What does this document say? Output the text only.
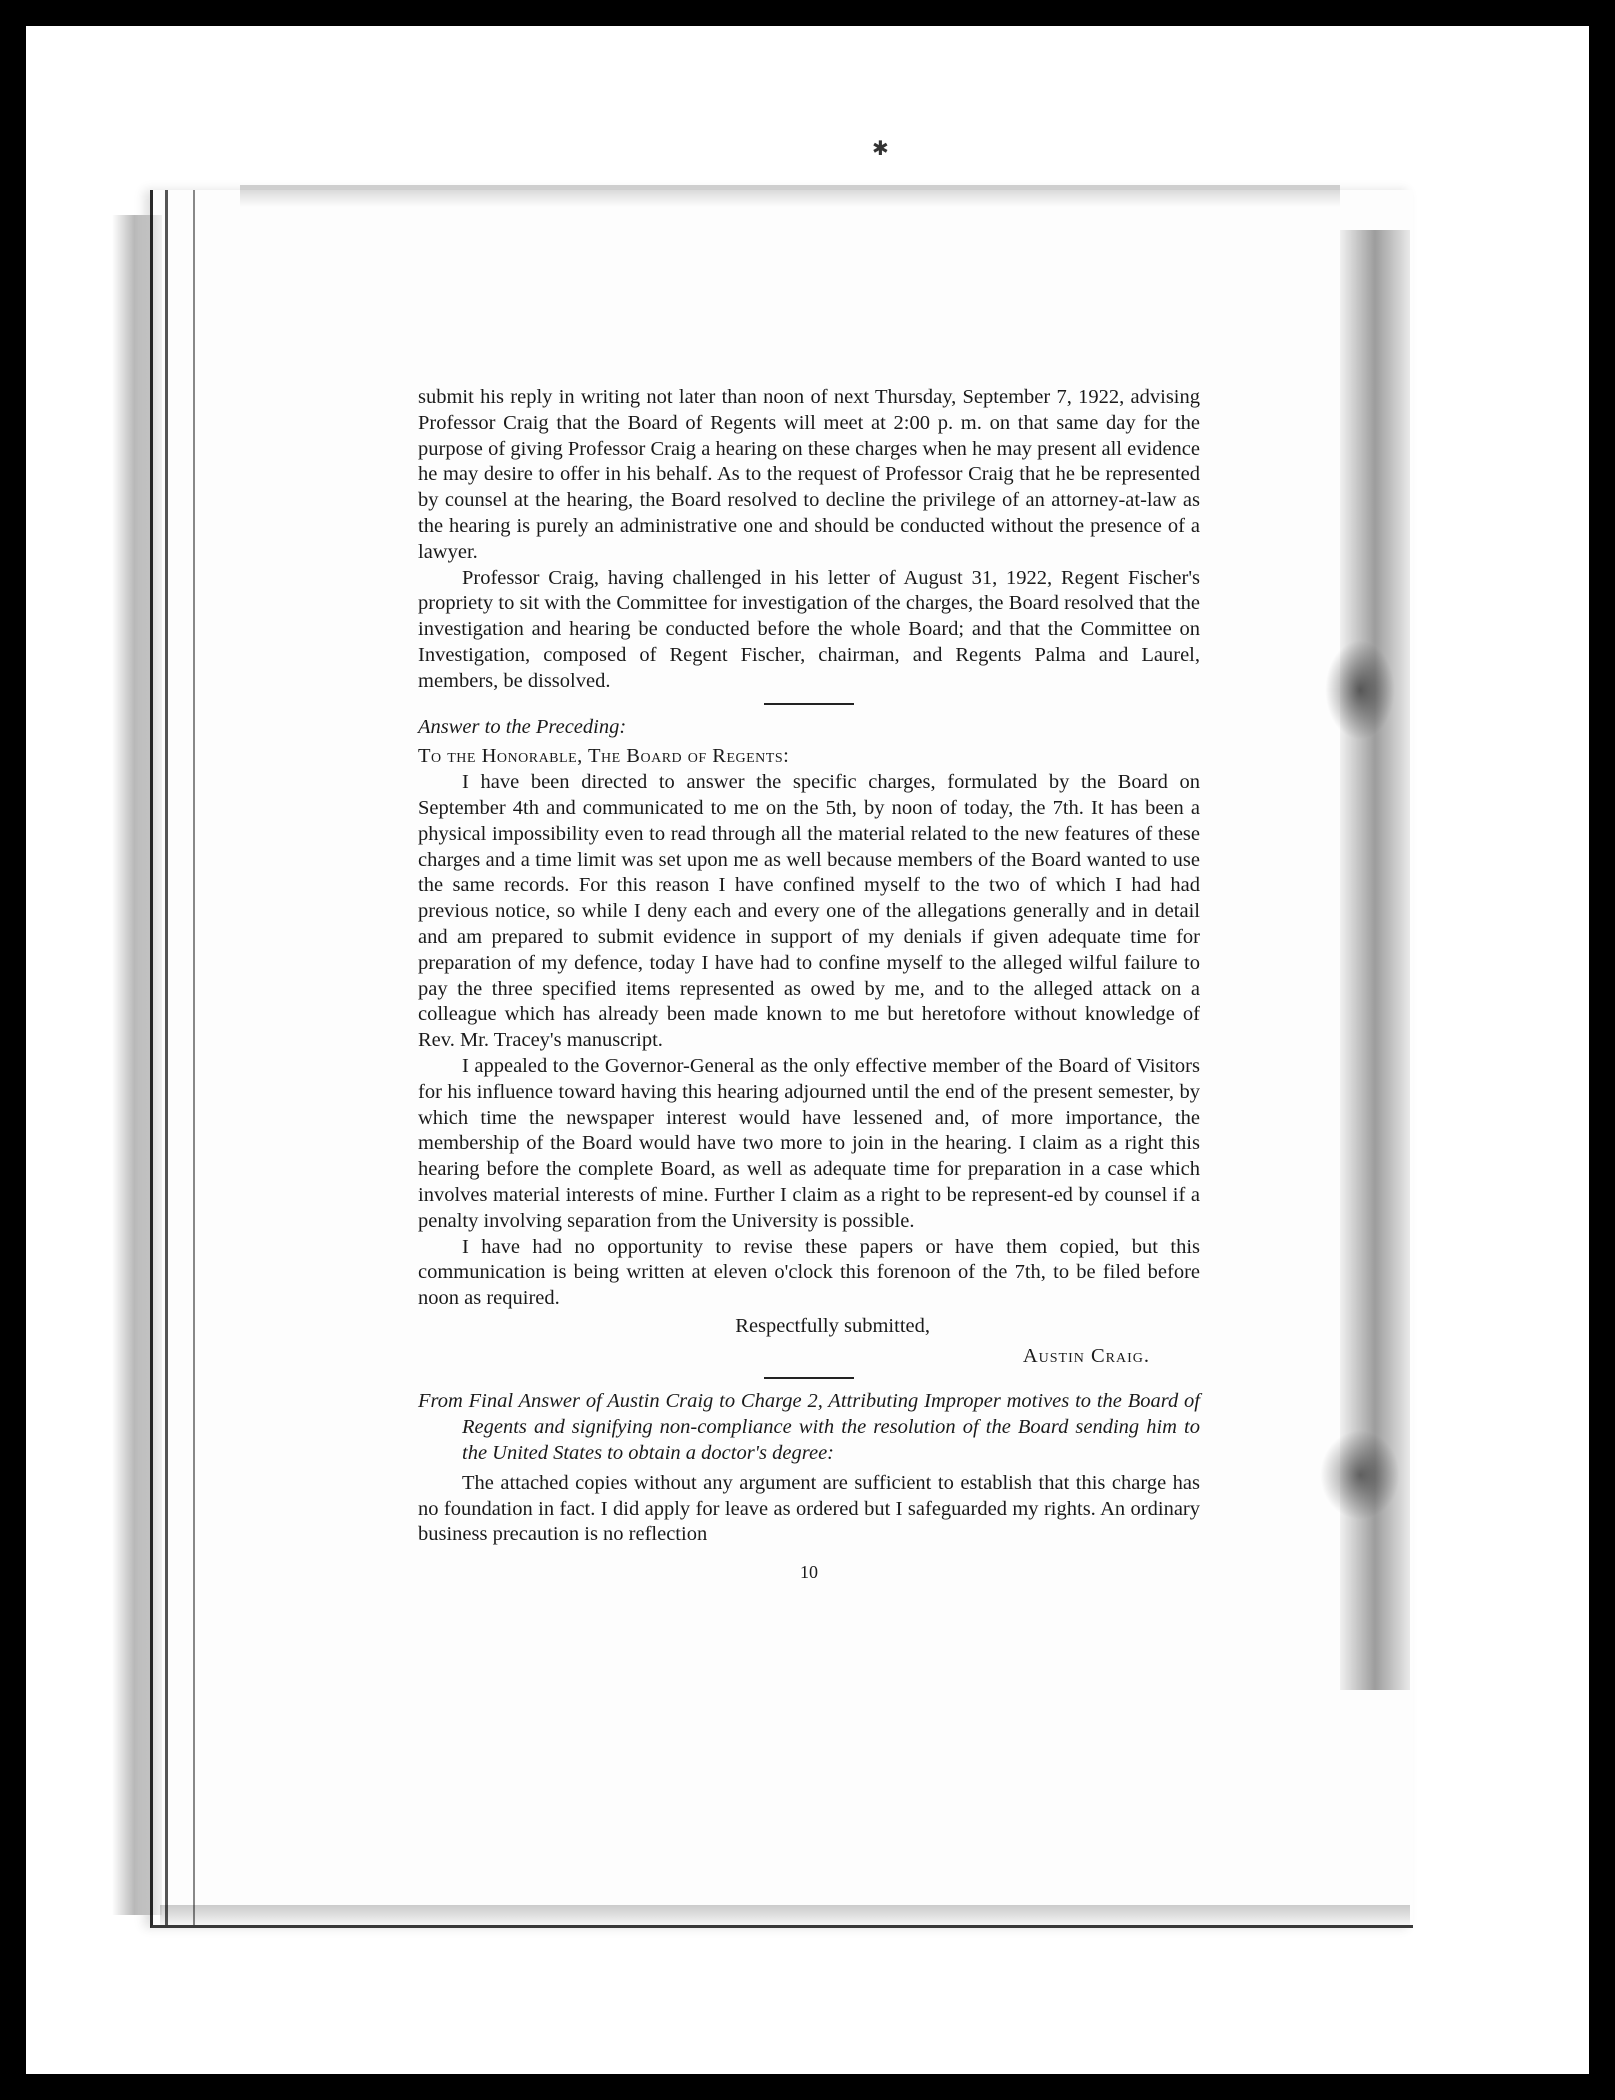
✱

submit his reply in writing not later than noon of next Thursday, September 7, 1922, advising Professor Craig that the Board of Regents will meet at 2:00 p. m. on that same day for the purpose of giving Professor Craig a hearing on these charges when he may present all evidence he may desire to offer in his behalf. As to the request of Professor Craig that he be represented by counsel at the hearing, the Board resolved to decline the privilege of an attorney-at-law as the hearing is purely an administrative one and should be conducted without the presence of a lawyer.

Professor Craig, having challenged in his letter of August 31, 1922, Regent Fischer's propriety to sit with the Committee for investigation of the charges, the Board resolved that the investigation and hearing be conducted before the whole Board; and that the Committee on Investigation, composed of Regent Fischer, chairman, and Regents Palma and Laurel, members, be dissolved.

Answer to the Preceding:

To the Honorable, The Board of Regents:

I have been directed to answer the specific charges, formulated by the Board on September 4th and communicated to me on the 5th, by noon of today, the 7th. It has been a physical impossibility even to read through all the material related to the new features of these charges and a time limit was set upon me as well because members of the Board wanted to use the same records. For this reason I have confined myself to the two of which I had had previous notice, so while I deny each and every one of the allegations generally and in detail and am prepared to submit evidence in support of my denials if given adequate time for preparation of my defence, today I have had to confine myself to the alleged wilful failure to pay the three specified items represented as owed by me, and to the alleged attack on a colleague which has already been made known to me but heretofore without knowledge of Rev. Mr. Tracey's manuscript.

I appealed to the Governor-General as the only effective member of the Board of Visitors for his influence toward having this hearing adjourned until the end of the present semester, by which time the newspaper interest would have lessened and, of more importance, the membership of the Board would have two more to join in the hearing. I claim as a right this hearing before the complete Board, as well as adequate time for preparation in a case which involves material interests of mine. Further I claim as a right to be represent-ed by counsel if a penalty involving separation from the University is possible.

I have had no opportunity to revise these papers or have them copied, but this communication is being written at eleven o'clock this forenoon of the 7th, to be filed before noon as required.

Respectfully submitted,

Austin Craig.

From Final Answer of Austin Craig to Charge 2, Attributing Improper motives to the Board of Regents and signifying non-compliance with the resolution of the Board sending him to the United States to obtain a doctor's degree:

The attached copies without any argument are sufficient to establish that this charge has no foundation in fact. I did apply for leave as ordered but I safeguarded my rights. An ordinary business precaution is no reflection

10
